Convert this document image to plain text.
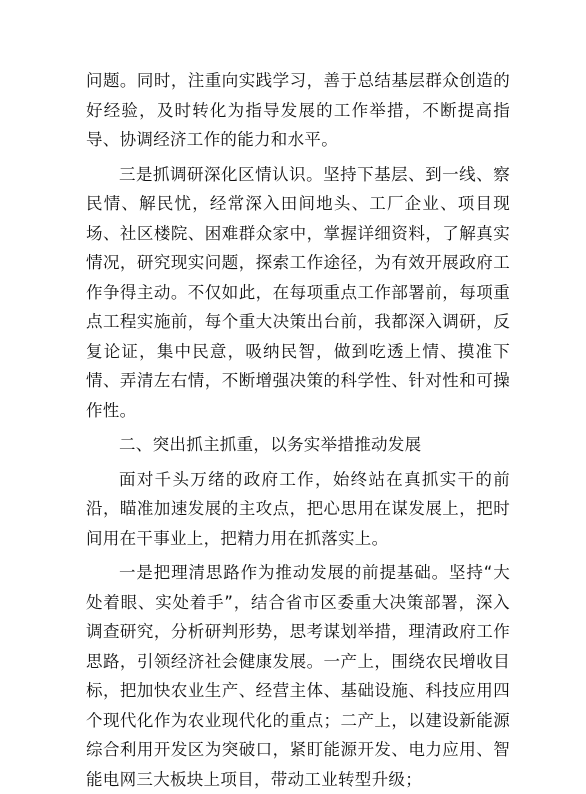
问题。同时，注重向实践学习，善于总结基层群众创造的好经验，及时转化为指导发展的工作举措，不断提高指导、协调经济工作的能力和水平。

三是抓调研深化区情认识。坚持下基层、到一线、察民情、解民忧，经常深入田间地头、工厂企业、项目现场、社区楼院、困难群众家中，掌握详细资料，了解真实情况，研究现实问题，探索工作途径，为有效开展政府工作争得主动。不仅如此，在每项重点工作部署前，每项重点工程实施前，每个重大决策出台前，我都深入调研，反复论证，集中民意，吸纳民智，做到吃透上情、摸准下情、弄清左右情，不断增强决策的科学性、针对性和可操作性。

二、突出抓主抓重，以务实举措推动发展

面对千头万绪的政府工作，始终站在真抓实干的前沿，瞄准加速发展的主攻点，把心思用在谋发展上，把时间用在干事业上，把精力用在抓落实上。

一是把理清思路作为推动发展的前提基础。坚持“大处着眼、实处着手”，结合省市区委重大决策部署，深入调查研究，分析研判形势，思考谋划举措，理清政府工作思路，引领经济社会健康发展。一产上，围绕农民增收目标，把加快农业生产、经营主体、基础设施、科技应用四个现代化作为农业现代化的重点；二产上，以建设新能源综合利用开发区为突破口，紧盯能源开发、电力应用、智能电网三大板块上项目，带动工业转型升级；
